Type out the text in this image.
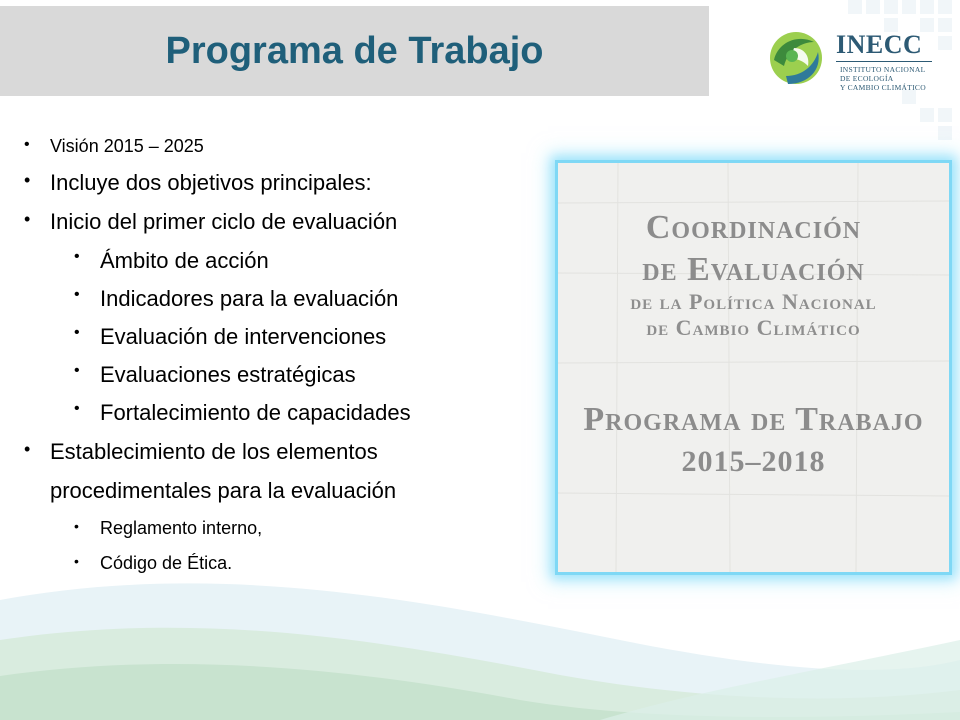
Programa de Trabajo	INECC
INSTITUTO NACIONAL
DE ECOLOGÍA
Y CAMBIO CLIMÁTICO
• Visión 2015 – 2025
• Incluye dos objetivos principales:
• Inicio del primer ciclo de evaluación
• Ámbito de acción
• Indicadores para la evaluación
• Evaluación de intervenciones
• Evaluaciones estratégicas
• Fortalecimiento de capacidades
• Establecimiento de los elementos
procedimentales para la evaluación
• Reglamento interno,
• Código de Ética.
Coordinación
de Evaluación
de la Política Nacional
de Cambio Climático
Programa de Trabajo
2015–2018
